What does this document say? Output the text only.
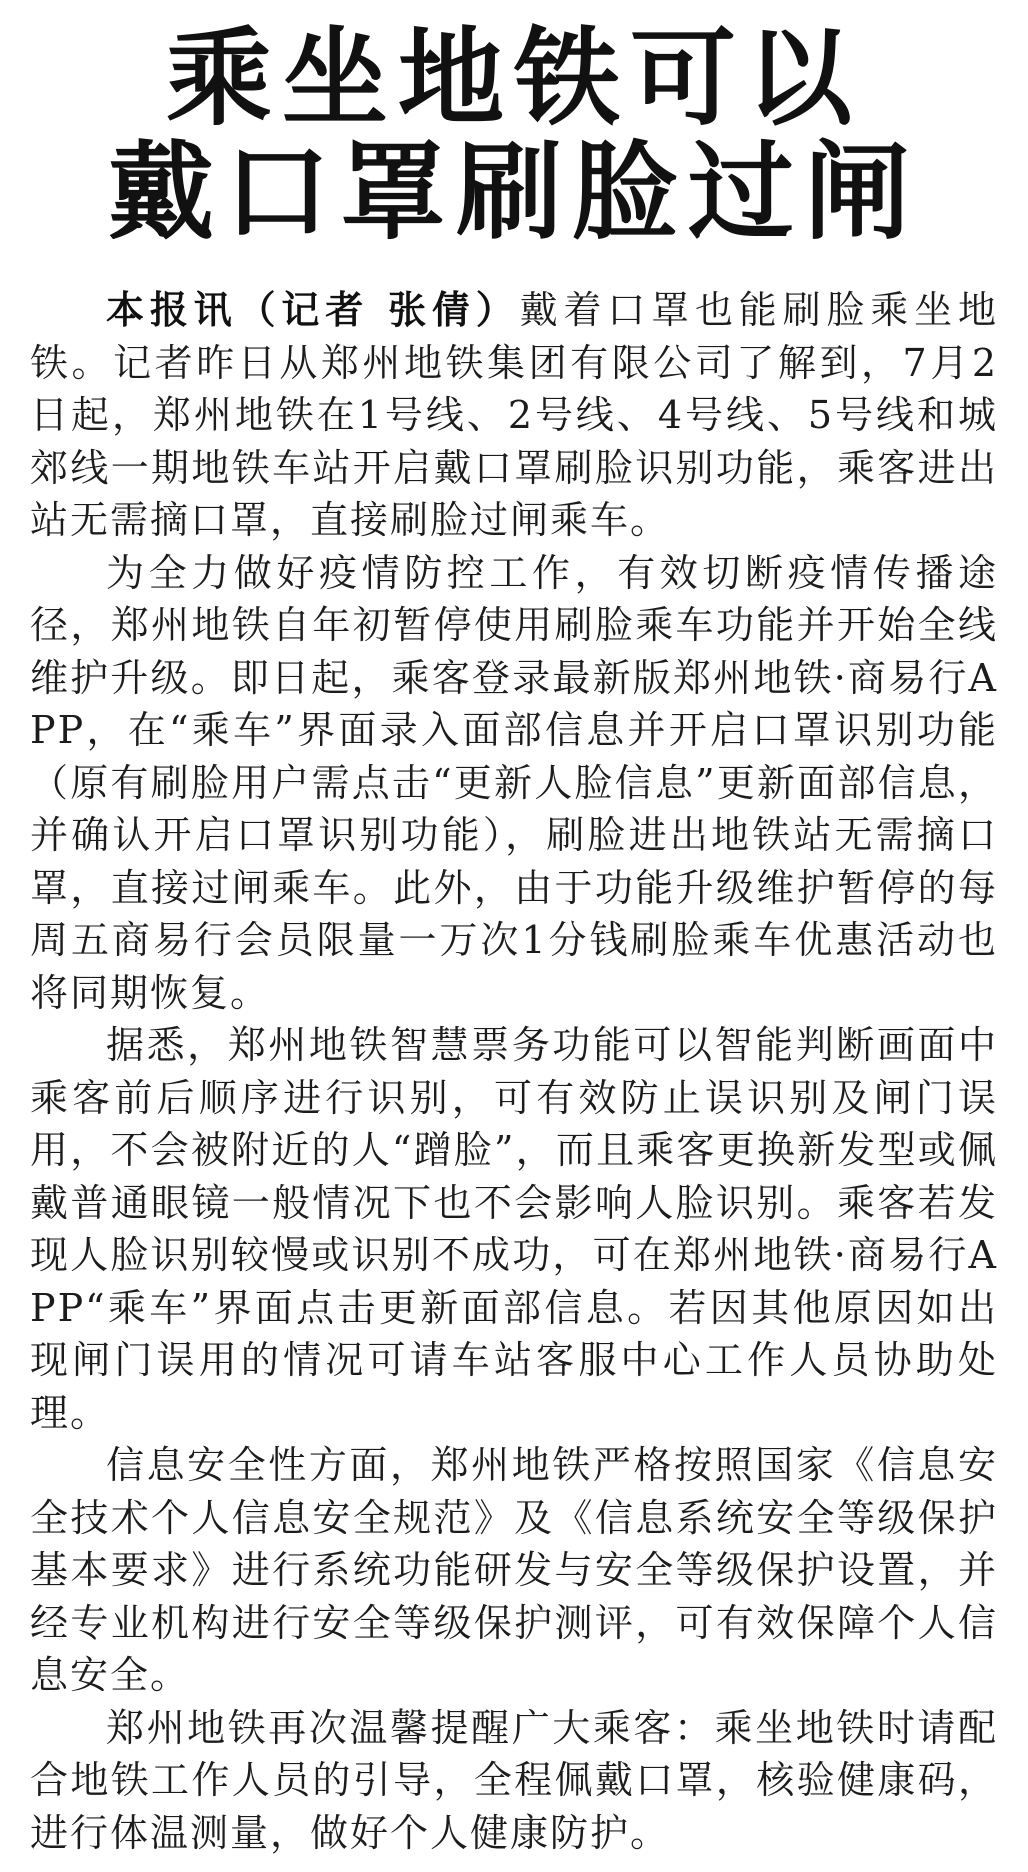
乘坐地铁可以
戴口罩刷脸过闸

本报讯（记者 张倩）戴着口罩也能刷脸乘坐地铁。记者昨日从郑州地铁集团有限公司了解到，7月2日起，郑州地铁在1号线、2号线、4号线、5号线和城郊线一期地铁车站开启戴口罩刷脸识别功能，乘客进出站无需摘口罩，直接刷脸过闸乘车。

为全力做好疫情防控工作，有效切断疫情传播途径，郑州地铁自年初暂停使用刷脸乘车功能并开始全线维护升级。即日起，乘客登录最新版郑州地铁·商易行APP，在“乘车”界面录入面部信息并开启口罩识别功能（原有刷脸用户需点击“更新人脸信息”更新面部信息，并确认开启口罩识别功能），刷脸进出地铁站无需摘口罩，直接过闸乘车。此外，由于功能升级维护暂停的每周五商易行会员限量一万次1分钱刷脸乘车优惠活动也将同期恢复。

据悉，郑州地铁智慧票务功能可以智能判断画面中乘客前后顺序进行识别，可有效防止误识别及闸门误用，不会被附近的人“蹭脸”，而且乘客更换新发型或佩戴普通眼镜一般情况下也不会影响人脸识别。乘客若发现人脸识别较慢或识别不成功，可在郑州地铁·商易行APP“乘车”界面点击更新面部信息。若因其他原因如出现闸门误用的情况可请车站客服中心工作人员协助处理。

信息安全性方面，郑州地铁严格按照国家《信息安全技术个人信息安全规范》及《信息系统安全等级保护基本要求》进行系统功能研发与安全等级保护设置，并经专业机构进行安全等级保护测评，可有效保障个人信息安全。

郑州地铁再次温馨提醒广大乘客：乘坐地铁时请配合地铁工作人员的引导，全程佩戴口罩，核验健康码，进行体温测量，做好个人健康防护。
